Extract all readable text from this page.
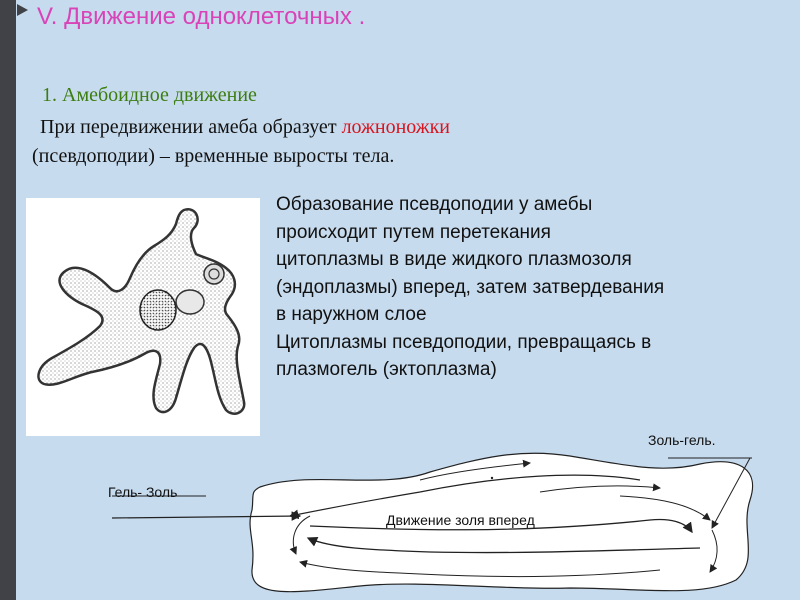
V. Движение одноклеточных .
1. Амебоидное движение
При передвижении амеба образует ложноножки
(псевдоподии) – временные выросты тела.
Образование псевдоподии у амебы
происходит путем перетекания
цитоплазмы в виде жидкого плазмозоля
(эндоплазмы) вперед, затем затвердевания
в наружном слое
Цитоплазмы псевдоподии, превращаясь в
плазмогель (эктоплазма)
Золь-гель.
Гель- Золь
Движение золя вперед
